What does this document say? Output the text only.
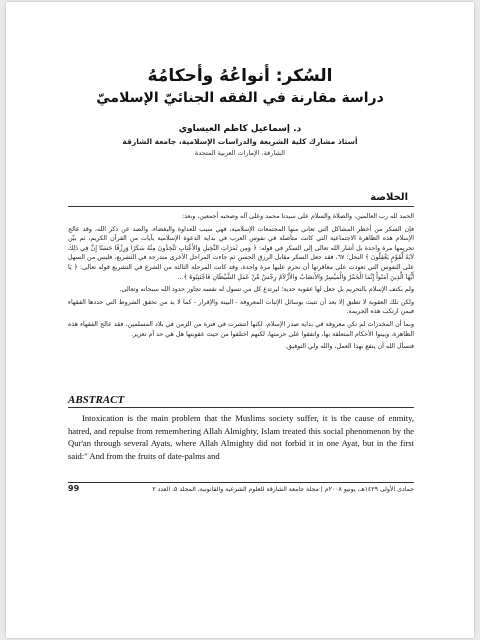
السُكر: أنواعُهُ وأحكامُهُ
دراسة مقارنة في الفقه الجنائيّ الإسلاميّ
د. إسماعيل كاظم العيساوي
أستاذ مشارك كلية الشريعة والدراسات الإسلامية، جامعة الشارقة
الشارقة، الإمارات العربية المتحدة
الخلاصة

الحمد لله رب العالمين، والصلاة والسلام على سيدنا محمد وعلى آله وصحبه أجمعين، وبعد:

فإن السكر من أخطر المشاكل التي تعاني منها المجتمعات الإسلامية، فهي سبب للعداوة والبغضاء، والصد عن ذكر الله، وقد عالج الإسلام هذه الظاهرة الاجتماعية التي كانت متأصلة في نفوس العرب في بداية الدعوة الإسلامية بآيات من القرآن الكريم، ثم بيّن تحريمها مرة واحدة بل أشار الله تعالى إلى السكر في قوله: ﴿ وَمِن ثَمَرَاتِ النَّخِيلِ وَالأَعْنَابِ تَتَّخِذُونَ مِنْهُ سَكَرًا وَرِزْقًا حَسَنًا إِنَّ فِي ذَلِكَ لآيَةً لِّقَوْمٍ يَعْقِلُونَ ﴾ النحل: ٦٧، فقد جعل السكر مقابل الرزق الحسن ثم جاءت المراحل الأخرى متدرجة في التشريع، فليس من السهل على النفوس التي تعودت على معاقرتها أن تحرم عليها مرة واحدة، وقد كانت المرحلة الثالثة من الشرع في التشريع قوله تعالى: ﴿ يَا أَيُّهَا الَّذِينَ آمَنُواْ إِنَّمَا الْخَمْرُ وَالْمَيْسِرُ وَالأَنصَابُ وَالأَزْلاَمُ رِجْسٌ مِّنْ عَمَلِ الشَّيْطَانِ فَاجْتَنِبُوهُ ﴾...

ولم يكتف الإسلام بالتحريم بل جعل لها عقوبة حدية؛ ليرتدع كل من تسول له نفسه تجاوز حدود الله سبحانه وتعالى.

ولكن تلك العقوبة لا تطبق إلا بعد أن تثبت بوسائل الإثبات المعروفة - البينة والإقرار - كما لا بد من تحقق الشروط التي حددها الفقهاء فيمن ارتكب هذه الجريمة.

وبما أن المخدرات لم تكن معروفة في بداية صدر الإسلام، لكنها انتشرت في فترة من الزمن في بلاد المسلمين، فقد عالج الفقهاء هذه الظاهرة، وبينوا الأحكام المتعلقة بها، واتفقوا على حرمتها، لكنهم اختلفوا من حيث عقوبتها هل هي حد أم تعزير.

فنسأل الله أن ينفع بهذا العمل، والله ولي التوفيق.

ABSTRACT

Intoxication is the main problem that the Muslims society suffer, it is the cause of enmity, hatred, and repulse from remembering Allah Almighty, Islam treated this social phenomenon by the Qur'an through several Ayats, where Allah Almighty did not forbid it in one Ayat, but in the first said:" And from the fruits of date-palms and

جمادى الأولى ١٤٢٩هـ، يونيو ٢٠٠٨م | مجلة جامعة الشارقة للعلوم الشرعية والقانونية، المجلد ٥، العدد ٢
99
